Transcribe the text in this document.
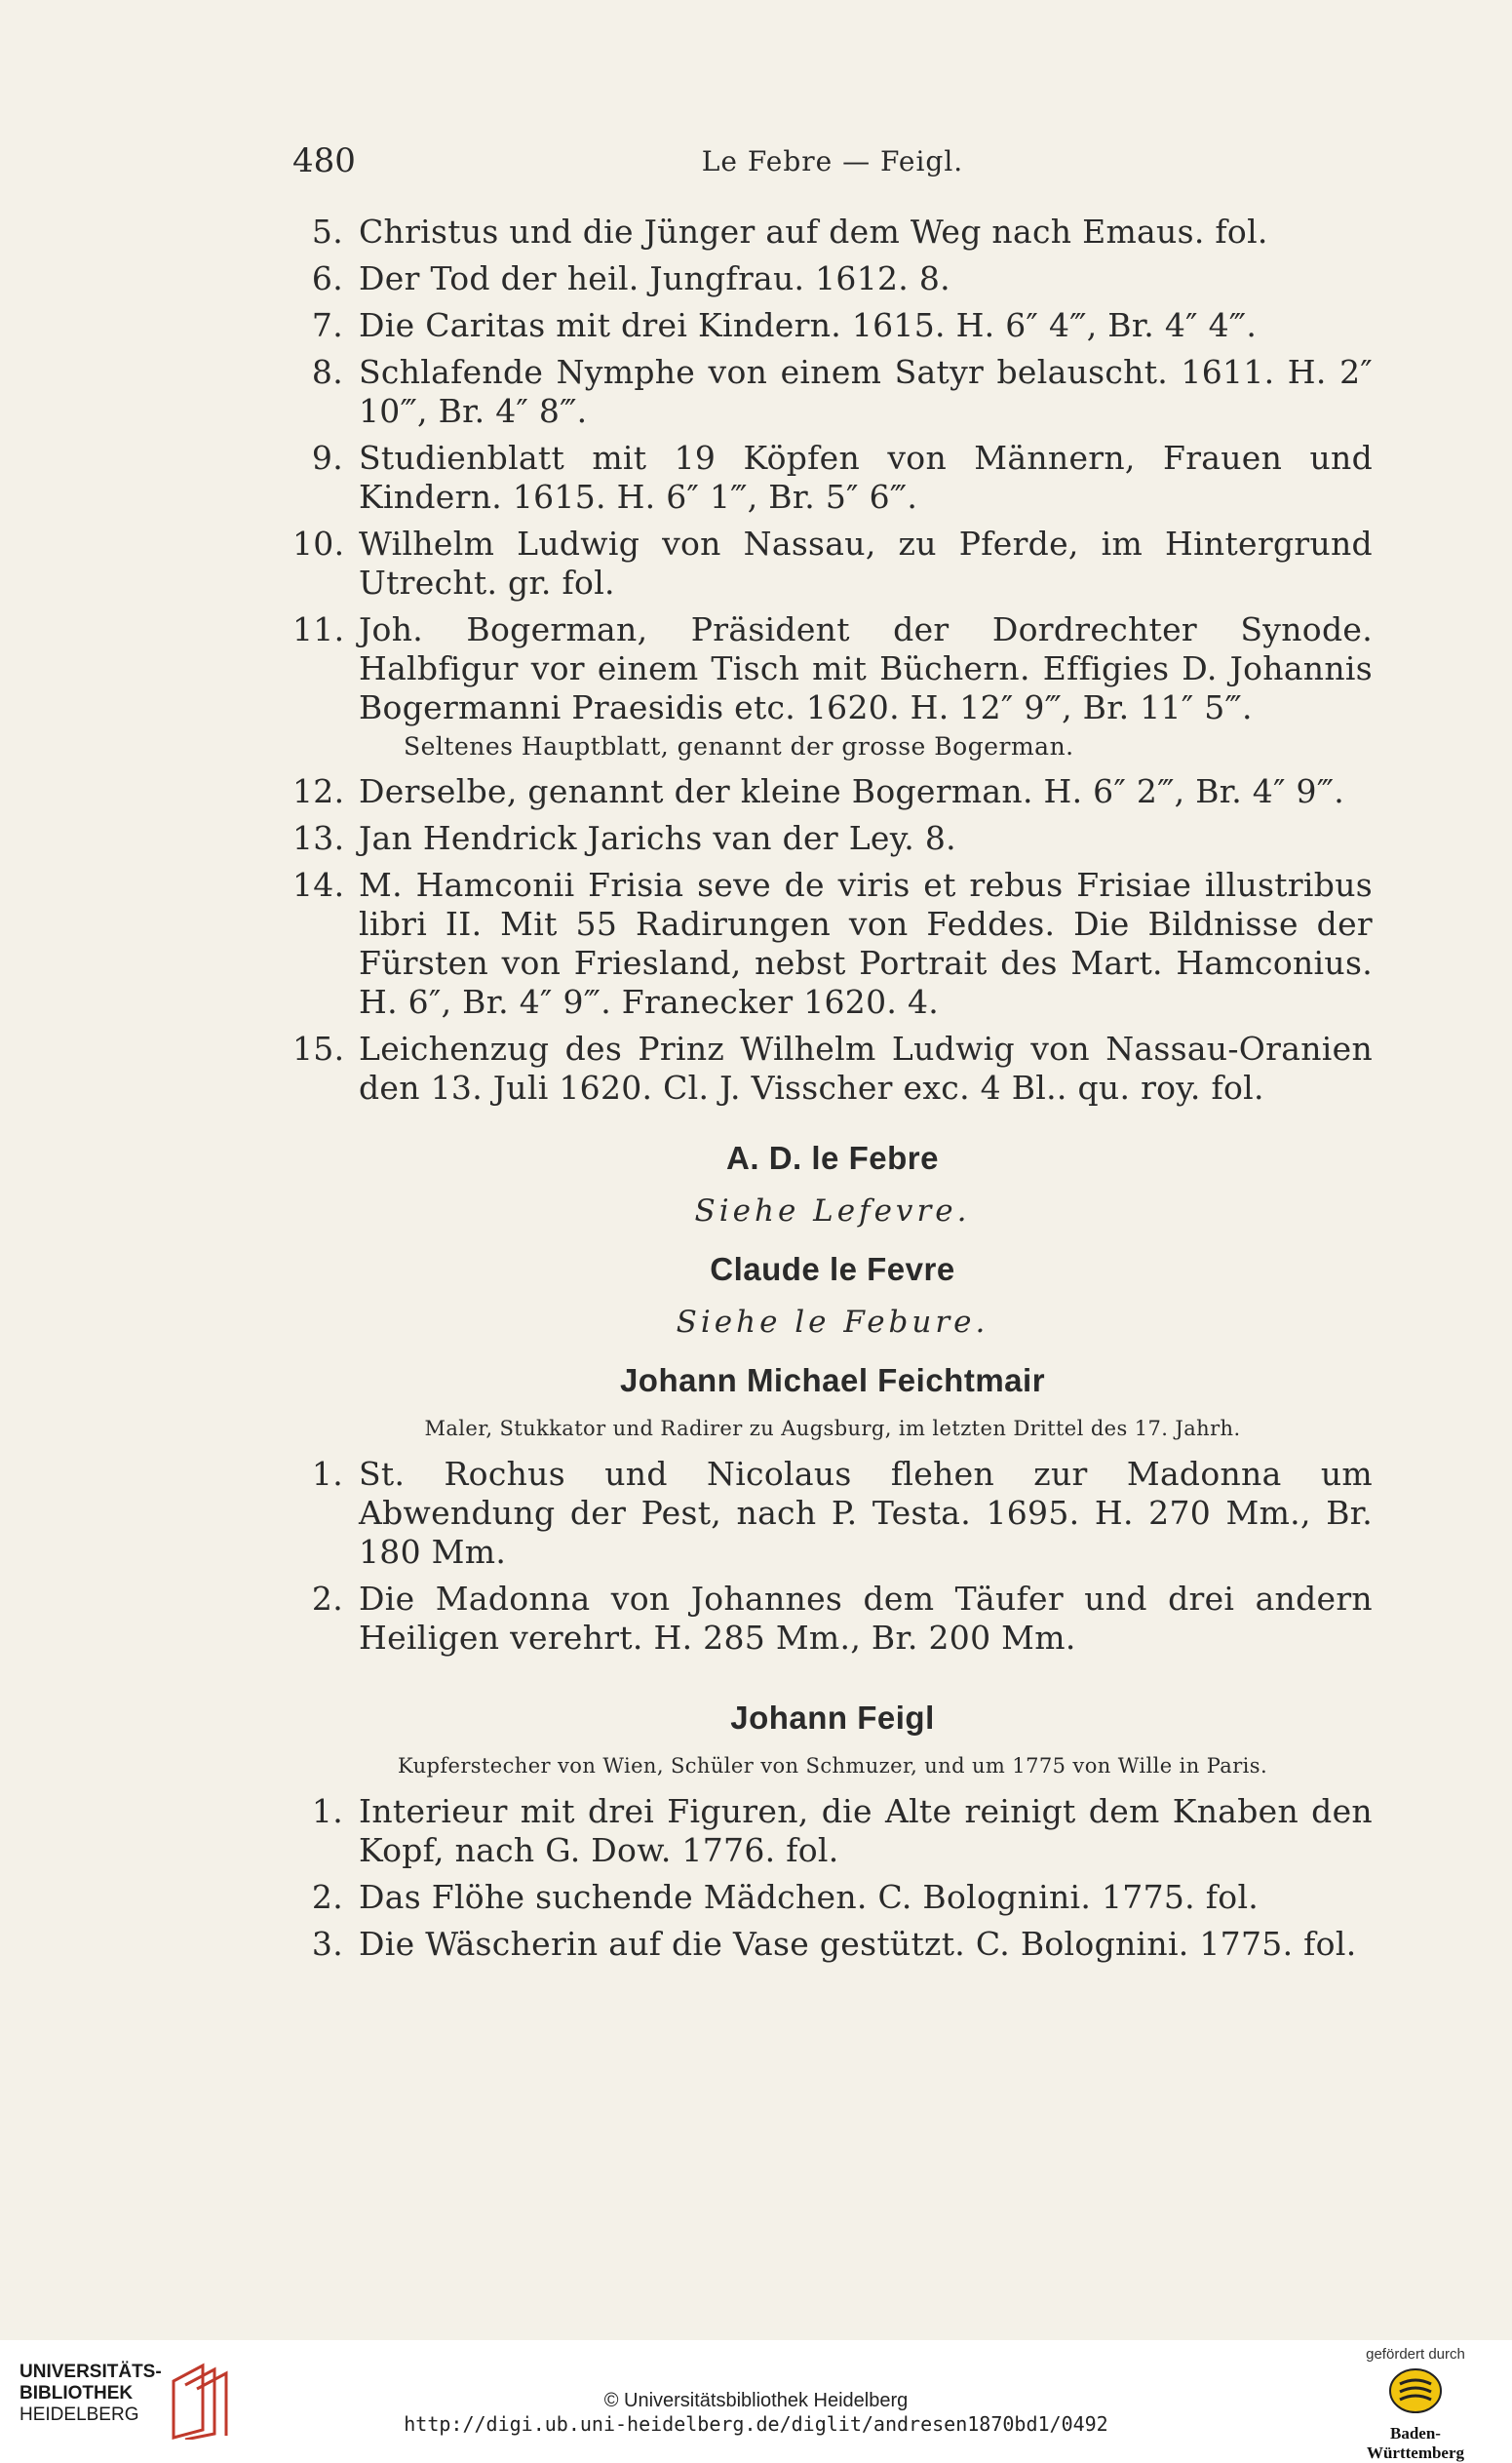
480	Le Febre — Feigl.
5. Christus und die Jünger auf dem Weg nach Emaus. fol.
6. Der Tod der heil. Jungfrau. 1612. 8.
7. Die Caritas mit drei Kindern. 1615. H. 6″ 4‴, Br. 4″ 4‴.
8. Schlafende Nymphe von einem Satyr belauscht. 1611. H. 2″ 10‴, Br. 4″ 8‴.
9. Studienblatt mit 19 Köpfen von Männern, Frauen und Kindern. 1615. H. 6″ 1‴, Br. 5″ 6‴.
10. Wilhelm Ludwig von Nassau, zu Pferde, im Hintergrund Utrecht. gr. fol.
11. Joh. Bogerman, Präsident der Dordrechter Synode. Halbfigur vor einem Tisch mit Büchern. Effigies D. Johannis Bogermanni Praesidis etc. 1620. H. 12″ 9‴, Br. 11″ 5‴.
Seltenes Hauptblatt, genannt der grosse Bogerman.
12. Derselbe, genannt der kleine Bogerman. H. 6″ 2‴, Br. 4″ 9‴.
13. Jan Hendrick Jarichs van der Ley. 8.
14. M. Hamconii Frisia seve de viris et rebus Frisiae illustribus libri II. Mit 55 Radirungen von Feddes. Die Bildnisse der Fürsten von Friesland, nebst Portrait des Mart. Hamconius. H. 6″, Br. 4″ 9‴. Franecker 1620. 4.
15. Leichenzug des Prinz Wilhelm Ludwig von Nassau-Oranien den 13. Juli 1620. Cl. J. Visscher exc. 4 Bl.. qu. roy. fol.
A. D. le Febre
Siehe Lefevre.
Claude le Fevre
Siehe le Febure.
Johann Michael Feichtmair
Maler, Stukkator und Radirer zu Augsburg, im letzten Drittel des 17. Jahrh.
1. St. Rochus und Nicolaus flehen zur Madonna um Abwendung der Pest, nach P. Testa. 1695. H. 270 Mm., Br. 180 Mm.
2. Die Madonna von Johannes dem Täufer und drei andern Heiligen verehrt. H. 285 Mm., Br. 200 Mm.
Johann Feigl
Kupferstecher von Wien, Schüler von Schmuzer, und um 1775 von Wille in Paris.
1. Interieur mit drei Figuren, die Alte reinigt dem Knaben den Kopf, nach G. Dow. 1776. fol.
2. Das Flöhe suchende Mädchen. C. Bolognini. 1775. fol.
3. Die Wäscherin auf die Vase gestützt. C. Bolognini. 1775. fol.
UNIVERSITÄTS-
BIBLIOTHEK
HEIDELBERG
© Universitätsbibliothek Heidelberg
http://digi.ub.uni-heidelberg.de/diglit/andresen1870bd1/0492
gefördert durch
Baden-Württemberg
